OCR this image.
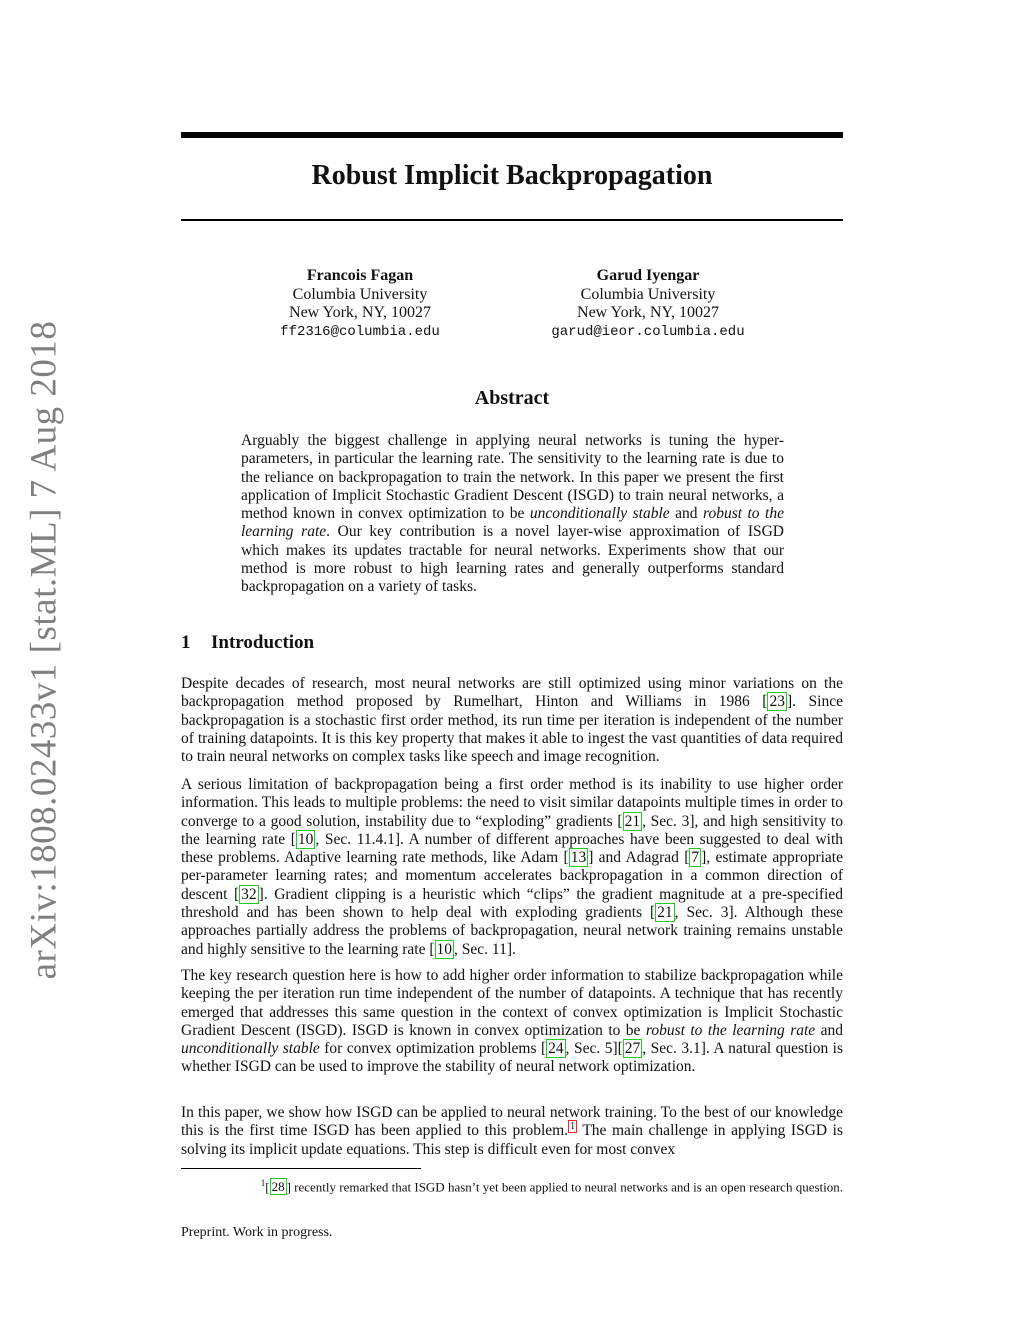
arXiv:1808.02433v1 [stat.ML] 7 Aug 2018
Robust Implicit Backpropagation
Francois Fagan
Columbia University
New York, NY, 10027
ff2316@columbia.edu
Garud Iyengar
Columbia University
New York, NY, 10027
garud@ieor.columbia.edu
Abstract

Arguably the biggest challenge in applying neural networks is tuning the hyper-parameters, in particular the learning rate. The sensitivity to the learning rate is due to the reliance on backpropagation to train the network. In this paper we present the first application of Implicit Stochastic Gradient Descent (ISGD) to train neural networks, a method known in convex optimization to be unconditionally stable and robust to the learning rate. Our key contribution is a novel layer-wise approximation of ISGD which makes its updates tractable for neural networks. Experiments show that our method is more robust to high learning rates and generally outperforms standard backpropagation on a variety of tasks.

1 Introduction

Despite decades of research, most neural networks are still optimized using minor variations on the backpropagation method proposed by Rumelhart, Hinton and Williams in 1986 [ 23 ]. Since backpropagation is a stochastic first order method, its run time per iteration is independent of the number of training datapoints. It is this key property that makes it able to ingest the vast quantities of data required to train neural networks on complex tasks like speech and image recognition.

A serious limitation of backpropagation being a first order method is its inability to use higher order information. This leads to multiple problems: the need to visit similar datapoints multiple times in order to converge to a good solution, instability due to “exploding” gradients [ 21 , Sec. 3], and high sensitivity to the learning rate [ 10 , Sec. 11.4.1]. A number of different approaches have been suggested to deal with these problems. Adaptive learning rate methods, like Adam [ 13 ] and Adagrad [ 7 ], estimate appropriate per-parameter learning rates; and momentum accelerates backpropagation in a common direction of descent [ 32 ]. Gradient clipping is a heuristic which “clips” the gradient magnitude at a pre-specified threshold and has been shown to help deal with exploding gradients [ 21 , Sec. 3]. Although these approaches partially address the problems of backpropagation, neural network training remains unstable and highly sensitive to the learning rate [ 10 , Sec. 11].

The key research question here is how to add higher order information to stabilize backpropagation while keeping the per iteration run time independent of the number of datapoints. A technique that has recently emerged that addresses this same question in the context of convex optimization is Implicit Stochastic Gradient Descent (ISGD). ISGD is known in convex optimization to be robust to the learning rate and unconditionally stable for convex optimization problems [ 24 , Sec. 5][ 27 , Sec. 3.1]. A natural question is whether ISGD can be used to improve the stability of neural network optimization.

In this paper, we show how ISGD can be applied to neural network training. To the best of our knowledge this is the first time ISGD has been applied to this problem. $^1$ The main challenge in applying ISGD is solving its implicit update equations. This step is difficult even for most convex

$^1$[ 28 ] recently remarked that ISGD hasn’t yet been applied to neural networks and is an open research question.

Preprint. Work in progress.
